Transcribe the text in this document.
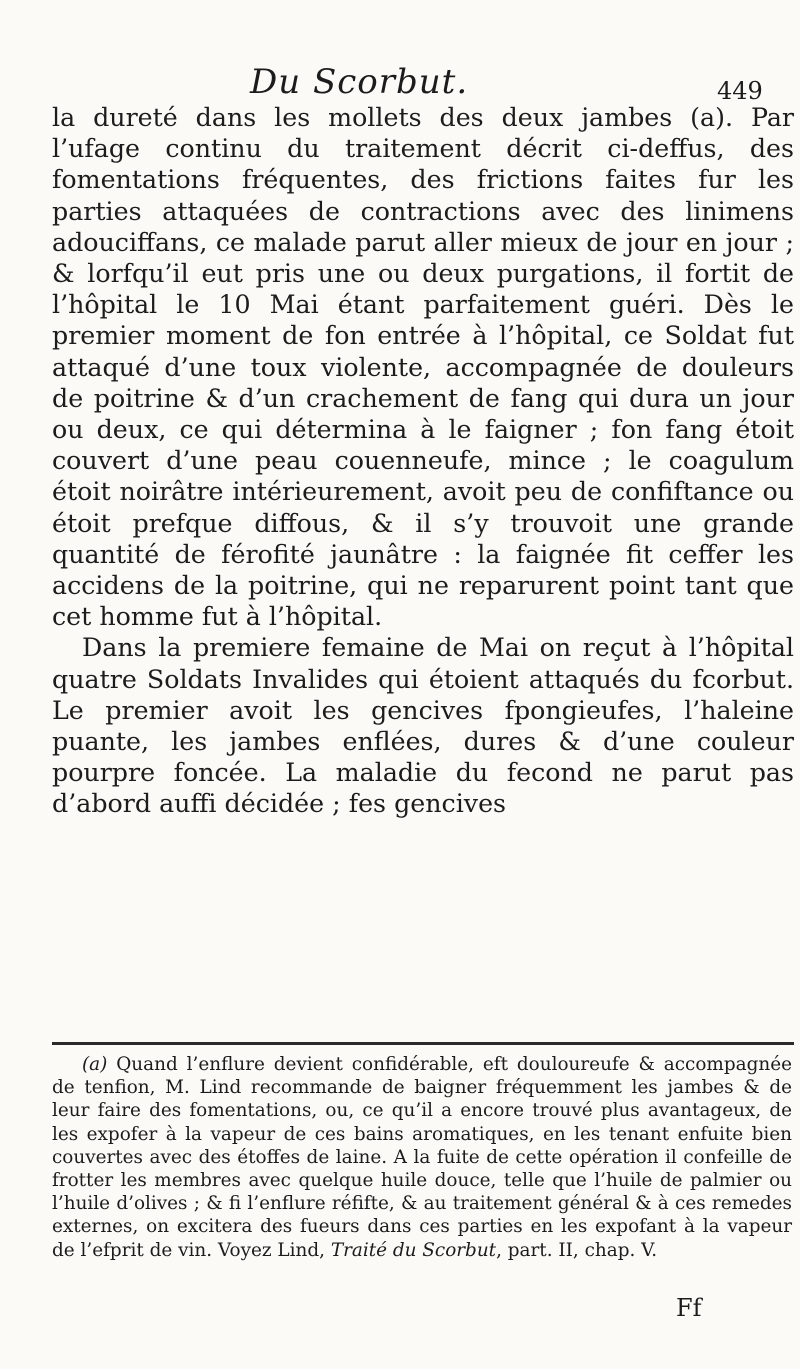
Du Scorbut.	449

la dureté dans les mollets des deux jambes (a). Par l’ufage continu du traitement décrit ci-deffus, des fomentations fréquentes, des frictions faites fur les parties attaquées de contractions avec des linimens adouciffans, ce malade parut aller mieux de jour en jour ; & lorfqu’il eut pris une ou deux purgations, il fortit de l’hôpital le 10 Mai étant parfaitement guéri. Dès le premier moment de fon entrée à l’hôpital, ce Soldat fut attaqué d’une toux violente, accompagnée de douleurs de poitrine & d’un crachement de fang qui dura un jour ou deux, ce qui détermina à le faigner ; fon fang étoit couvert d’une peau couenneufe, mince ; le coagulum étoit noirâtre intérieurement, avoit peu de confiftance ou étoit prefque diffous, & il s’y trouvoit une grande quantité de férofité jaunâtre : la faignée fit ceffer les accidens de la poitrine, qui ne reparurent point tant que cet homme fut à l’hôpital.

Dans la premiere femaine de Mai on reçut à l’hôpital quatre Soldats Invalides qui étoient attaqués du fcorbut. Le premier avoit les gencives fpongieufes, l’haleine puante, les jambes enflées, dures & d’une couleur pourpre foncée. La maladie du fecond ne parut pas d’abord auffi décidée ; fes gencives

(a) Quand l’enflure devient confidérable, eft douloureufe & accompagnée de tenfion, M. Lind recommande de baigner fréquemment les jambes & de leur faire des fomentations, ou, ce qu’il a encore trouvé plus avantageux, de les expofer à la vapeur de ces bains aromatiques, en les tenant enfuite bien couvertes avec des étoffes de laine. A la fuite de cette opération il confeille de frotter les membres avec quelque huile douce, telle que l’huile de palmier ou l’huile d’olives ; & fi l’enflure réfifte, & au traitement général & à ces remedes externes, on excitera des fueurs dans ces parties en les expofant à la vapeur de l’efprit de vin. Voyez Lind, Traité du Scorbut, part. II, chap. V.

Ff
